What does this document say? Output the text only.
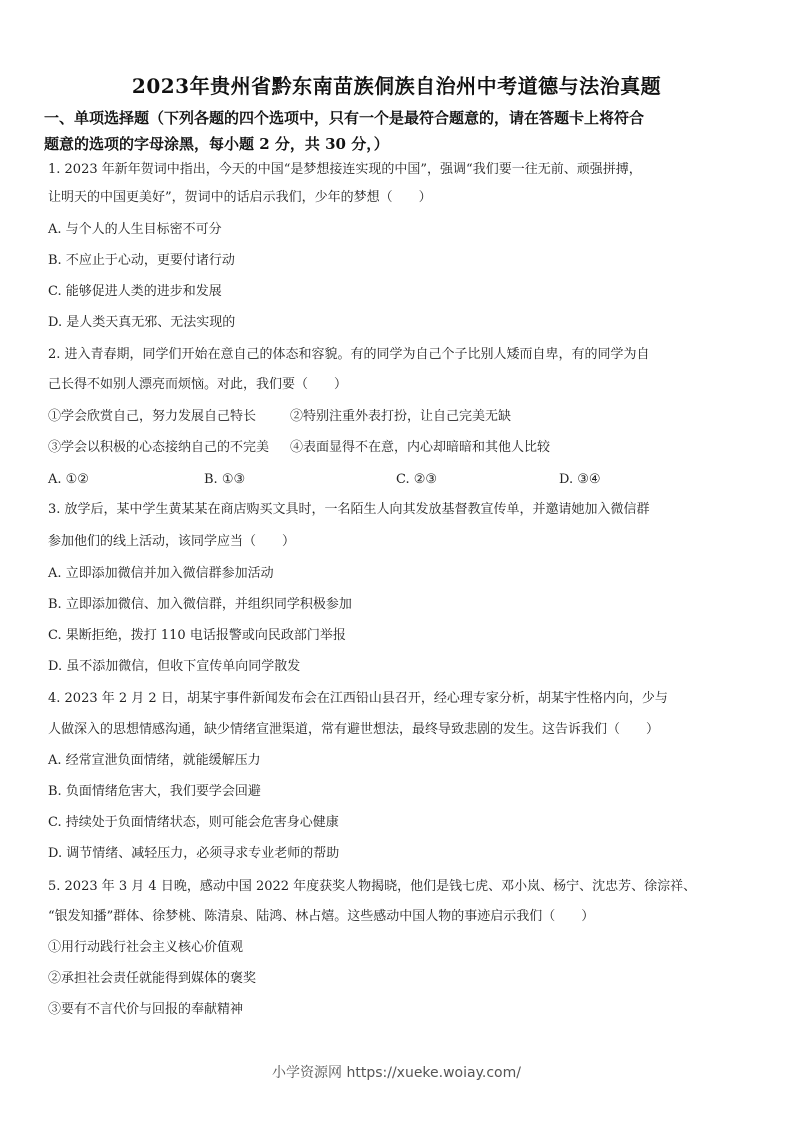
2023年贵州省黔东南苗族侗族自治州中考道德与法治真题
一、单项选择题（下列各题的四个选项中，只有一个是最符合题意的，请在答题卡上将符合
题意的选项的字母涂黑，每小题 2 分，共 30 分，）
1. 2023 年新年贺词中指出，今天的中国“是梦想接连实现的中国”，强调“我们要一往无前、顽强拼搏，
让明天的中国更美好”，贺词中的话启示我们，少年的梦想（　　）
A. 与个人的人生目标密不可分
B. 不应止于心动，更要付诸行动
C. 能够促进人类的进步和发展
D. 是人类天真无邪、无法实现的
2. 进入青春期，同学们开始在意自己的体态和容貌。有的同学为自己个子比别人矮而自卑，有的同学为自
己长得不如别人漂亮而烦恼。对此，我们要（　　）
①学会欣赏自己，努力发展自己特长	②特别注重外表打扮，让自己完美无缺
③学会以积极的心态接纳自己的不完美 ④表面显得不在意，内心却暗暗和其他人比较
A. ①②	B. ①③	C. ②③	D. ③④
3. 放学后，某中学生黄某某在商店购买文具时，一名陌生人向其发放基督教宣传单，并邀请她加入微信群
参加他们的线上活动，该同学应当（　　）
A. 立即添加微信并加入微信群参加活动
B. 立即添加微信、加入微信群，并组织同学积极参加
C. 果断拒绝，拨打 110 电话报警或向民政部门举报
D. 虽不添加微信，但收下宣传单向同学散发
4. 2023 年 2 月 2 日，胡某宇事件新闻发布会在江西铅山县召开，经心理专家分析，胡某宇性格内向，少与
人做深入的思想情感沟通，缺少情绪宣泄渠道，常有避世想法，最终导致悲剧的发生。这告诉我们（　　）
A. 经常宣泄负面情绪，就能缓解压力
B. 负面情绪危害大，我们要学会回避
C. 持续处于负面情绪状态，则可能会危害身心健康
D. 调节情绪、减轻压力，必须寻求专业老师的帮助
5. 2023 年 3 月 4 日晚，感动中国 2022 年度获奖人物揭晓，他们是钱七虎、邓小岚、杨宁、沈忠芳、徐淙祥、
“银发知播”群体、徐梦桃、陈清泉、陆鸿、林占熺。这些感动中国人物的事迹启示我们（　　）
①用行动践行社会主义核心价值观
②承担社会责任就能得到媒体的褒奖
③要有不言代价与回报的奉献精神
小学资源网 https://xueke.woiay.com/
